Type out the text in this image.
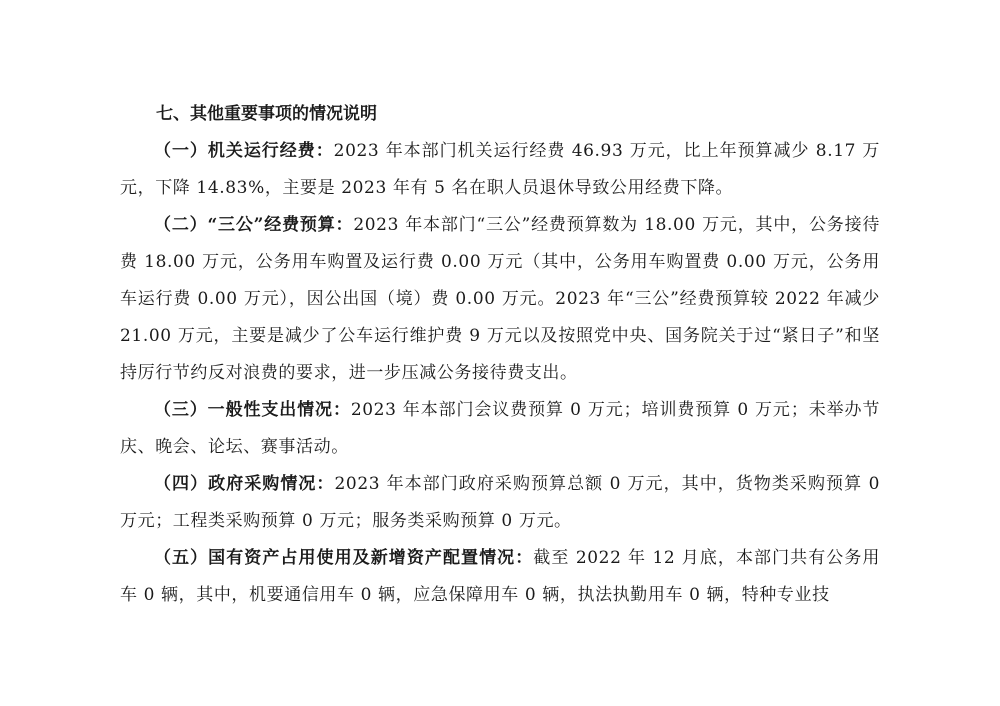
七、其他重要事项的情况说明

（一）机关运行经费：2023 年本部门机关运行经费 46.93 万元，比上年预算减少 8.17 万元，下降 14.83%，主要是 2023 年有 5 名在职人员退休导致公用经费下降。

（二）“三公”经费预算：2023 年本部门“三公”经费预算数为 18.00 万元，其中，公务接待费 18.00 万元，公务用车购置及运行费 0.00 万元（其中，公务用车购置费 0.00 万元，公务用车运行费 0.00 万元），因公出国（境）费 0.00 万元。2023 年“三公”经费预算较 2022 年减少 21.00 万元，主要是减少了公车运行维护费 9 万元以及按照党中央、国务院关于过“紧日子”和坚持厉行节约反对浪费的要求，进一步压减公务接待费支出。

（三）一般性支出情况：2023 年本部门会议费预算 0 万元；培训费预算 0 万元；未举办节庆、晚会、论坛、赛事活动。

（四）政府采购情况：2023 年本部门政府采购预算总额 0 万元，其中，货物类采购预算 0 万元；工程类采购预算 0 万元；服务类采购预算 0 万元。

（五）国有资产占用使用及新增资产配置情况：截至 2022 年 12 月底，本部门共有公务用车 0 辆，其中，机要通信用车 0 辆，应急保障用车 0 辆，执法执勤用车 0 辆，特种专业技
